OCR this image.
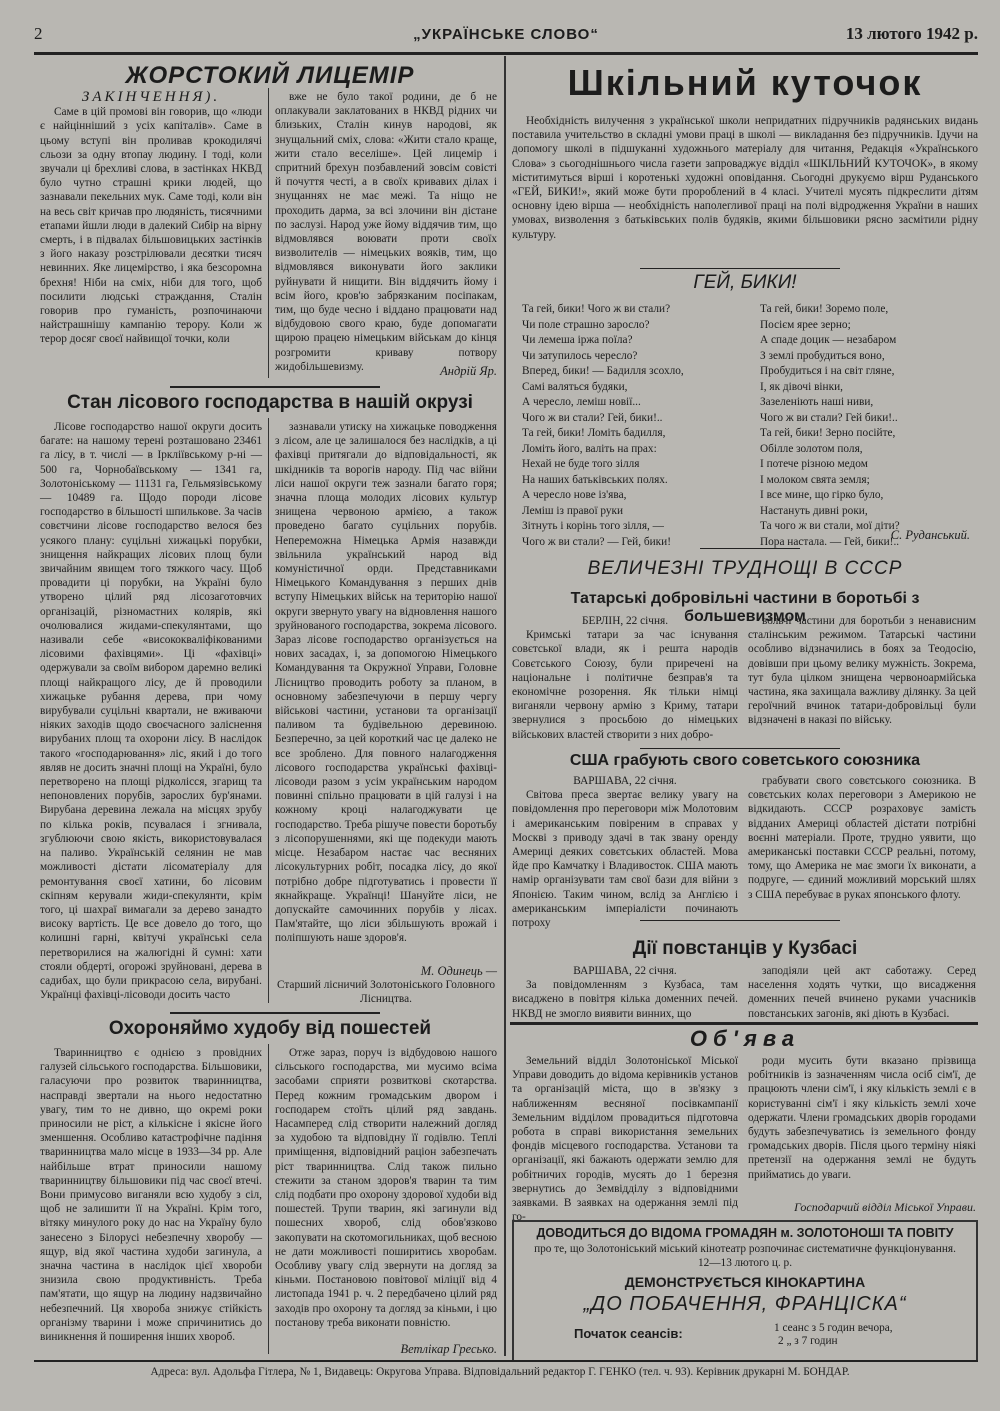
2	„УКРАЇНСЬКЕ СЛОВО“	13 лютого 1942 р.
ЖОРСТОКИЙ ЛИЦЕМІР
ЗАКІНЧЕННЯ).

Саме в цій промові він говорив, що «люди є найцінніший з усіх капіталів». Саме в цьому вступі він проливав крокодилячі сльози за одну втопау людину. І тоді, коли звучали ці брехливі слова, в застінках НКВД було чутно страшні крики людей, що зазнавали пекельних мук. Саме тоді, коли він на весь світ кричав про людяність, тисячними етапами йшли люди в далекий Сибір на вірну смерть, і в підвалах більшовицьких застінків з його наказу розстрілювали десятки тисяч невинних. Яке лицемірство, і яка безсоромна брехня! Ніби на сміх, ніби для того, щоб посилити людські страждання, Сталін говорив про гуманість, розпочинаючи найстрашнішу кампанію терору. Коли ж терор досяг своєї найвищої точки, коли

вже не було такої родини, де б не оплакували заклатованих в НКВД рідних чи близьких, Сталін кинув народові, як знущальний сміх, слова: «Жити стало краще, жити стало веселіше». Цей лицемір і спритний брехун позбавлений зовсім совісті й почуття честі, а в своїх кривавих ділах і знущаннях не має межі. Та ніщо не проходить дарма, за всі злочини він дістане по заслузі. Народ уже йому віддячив тим, що відмовлявся воювати проти своїх визволителів — німецьких вояків, тим, що відмовлявся виконувати його заклики руйнувати й нищити. Він віддячить йому і всім його, кров'ю забрязканим посіпакам, тим, що буде чесно і віддано працювати над відбудовою свого краю, буде допомагати щирою працею німецьким військам до кінця розгромити криваву потвору жидобільшевизму.	Андрій Яр.
Стан лісового господарства в нашій окрузі

Лісове господарство нашої округи досить багате: на нашому терені розташовано 23461 га лісу, в т. числі — в Іркліївському р-ні — 500 га, Чорнобаївському — 1341 га, Золотоніському — 11131 га, Гельмязівському — 10489 га. Щодо породи лісове господарство в більшості шпилькове. За часів совєтчини лісове господарство велося без усякого плану: суцільні хижацькі порубки, знищення найкращих лісових площ були звичайним явищем того тяжкого часу. Щоб провадити ці порубки, на Україні було утворено цілий ряд лісозаготовчих організацій, різномастних колярів, які очолювалися жидами-спекулянтами, що називали себе «висококваліфікованими лісовими фахівцями». Ці «фахівці» одержували за своїм вибором даремно великі площі найкращого лісу, де й проводили хижацьке рубання дерева, при чому вирубували суцільні квартали, не вживаючи ніяких заходів щодо своєчасного заліснення вирубаних площ та охорони лісу. В наслідок такого «господарювання» ліс, який і до того являв не досить значні площі на Україні, було перетворено на площі рідколісся, згарищ та непоновлених порубів, зарослих бур'янами. Вирубана деревина лежала на місцях зрубу по кілька років, псувалася і згнивала, згублюючи свою якість, використовувалася на паливо. Українській селянин не мав можливості дістати лісоматеріалу для ремонтування своєї хатини, бо лісовим скіпням керували жиди-спекулянти, крім того, ці шахраї вимагали за дерево занадто високу вартість. Це все довело до того, що колишні гарні, квітучі українські села перетворилися на жалюгідні й сумні: хати стояли обдерті, огорожі зруйновані, дерева в садибах, що були прикрасою села, вирубані. Українці фахівці-лісоводи досить часто

зазнавали утиску на хижацьке поводження з лісом, але це залишалося без наслідків, а ці фахівці притягали до відповідальності, як шкідників та ворогів народу. Під час війни ліси нашої округи теж зазнали багато горя; значна площа молодих лісових культур знищена червоною армією, а також проведено багато суцільних порубів. Непереможна Німецька Армія назавжди звільнила український народ від комуністичної орди. Представниками Німецького Командування з перших днів вступу Німецьких військ на територію нашої округи звернуто увагу на відновлення нашого зруйнованого господарства, зокрема лісового. Зараз лісове господарство організується на нових засадах, і, за допомогою Німецького Командування та Окружної Управи, Головне Лісництво проводить роботу за планом, в основному забезпечуючи в першу чергу військові частини, установи та організації паливом та будівельною деревиною. Безперечно, за цей короткий час це далеко не все зроблено. Для повного налагодження лісового господарства українські фахівці-лісоводи разом з усім українським народом повинні спільно працювати в цій галузі і на кожному кроці налагоджувати це господарство. Треба рішуче повести боротьбу з лісопорушеннями, які ще подекуди мають місце. Незабаром настає час весняних лісокультурних робіт, посадка лісу, до якої потрібно добре підготуватись і провести її якнайкраще. Українці! Шануйте ліси, не допускайте самочинних порубів у лісах. Пам'ятайте, що ліси збільшують врожай і поліпшують наше здоров'я.

М. Одинець —
Старший лісничий Золотоніського Головного Лісництва.
Охороняймо худобу від пошестей

Тваринництво є однією з провідних галузей сільського господарства. Більшовики, галасуючи про розвиток тваринництва, насправді звертали на нього недостатню увагу, тим то не дивно, що окремі роки приносили не ріст, а кількісне і якісне його зменшення. Особливо катастрофічне падіння тваринництва мало місце в 1933—34 рр. Але найбільше втрат приносили нашому тваринництву більшовики під час своєї втечі. Вони примусово виганяли всю худобу з сіл, щоб не залишити її на Україні. Крім того, вітяку минулого року до нас на Україну було занесено з Білорусі небезпечну хворобу — ящур, від якої частина худоби загинула, а значна частина в наслідок цієї хвороби знизила свою продуктивність. Треба пам'ятати, що ящур на людину надзвичайно небезпечний. Ця хвороба знижує стійкість організму тварини і може спричинитись до виникнення й поширення інших хвороб.

Отже зараз, поруч із відбудовою нашого сільського господарства, ми мусимо всіма засобами сприяти розвиткові скотарства. Перед кожним громадським двором і господарем стоїть цілий ряд завдань. Насамперед слід створити належний догляд за худобою та відповідну її годівлю. Теплі приміщення, відповідний раціон забезпечать ріст тваринництва. Слід також пильно стежити за станом здоров'я тварин та тим слід подбати про охорону здорової худоби від пошестей. Трупи тварин, які загинули від пошесних хвороб, слід обов'язково закопувати на скотомогильниках, щоб весною не дати можливості поширитись хворобам. Особливу увагу слід звернути на догляд за кіньми. Постановою повітової міліції від 4 листопада 1941 р. ч. 2 передбачено цілий ряд заходів про охорону та догляд за кіньми, і цю постанову треба виконати повністю.

Ветлікар Гресько.
Шкільний куточок

Необхідність вилучення з української школи непридатних підручників радянських видань поставила учительство в складні умови праці в школі — викладання без підручників. Ідучи на допомогу школі в підшуканні художнього матеріалу для читання, Редакція «Українського Слова» з сьогоднішнього числа газети запроваджує відділ «ШКІЛЬНИЙ КУТОЧОК», в якому міститимуться вірші і коротенькі художні оповідання. Сьогодні друкуємо вірш Руданського «ГЕЙ, БИКИ!», який може бути пророблений в 4 класі. Учителі мусять підкреслити дітям основну ідею вірша — необхідність наполегливої праці на полі відродження України в наших умовах, визволення з батьківських полів будяків, якими більшовики рясно засмітили рідну культуру.

ГЕЙ, БИКИ!
Та гей, бики! Чого ж ви стали?
Чи поле страшно заросло?
Чи лемеша іржа поїла?
Чи затупилось чересло?
Вперед, бики! — Бадилля зсохло,
Самі валяться будяки,
А чересло, леміш новії...
Чого ж ви стали? Гей, бики!..
Та гей, бики! Ломіть бадилля,
Ломіть його, валіть на прах:
Нехай не буде того зілля
На наших батьківських полях.
А чересло нове із'ява,
Леміш із правої руки
Зітнуть і корінь того зілля, —
Чого ж ви стали? — Гей, бики!
Та гей, бики! Зоремо поле,
Посієм ярее зерно;
А спаде доцик — незабаром
З землі пробудиться воно,
Пробудиться і на світ гляне,
І, як дівочі вінки,
Зазеленіють наші ниви,
Чого ж ви стали? Гей бики!..
Та гей, бики! Зерно посійте,
Обілле золотом поля,
І потече різною медом
І молоком свята земля;
І все мине, що гірко було,
Настануть дивні роки,
Та чого ж ви стали, мої діти?
Пора настала. — Гей, бики!..
С. Руданський.
ВЕЛИЧЕЗНІ ТРУДНОЩІ В СССР
Татарські добровільні частини в боротьбі з большевизмом
БЕРЛІН, 22 січня.

Кримські татари за час існування совєтської влади, як і решта народів Совєтського Союзу, були приречені на національне і політичне безправ'я та економічне розорення. Як тільки німці виганяли червону армію з Криму, татари звернулися з просьбою до німецьких військових властей створити з них добро-

вольчі частини для боротьби з ненависним сталінським режимом. Татарські частини особливо відзначились в боях за Теодосію, довівши при цьому велику мужність. Зокрема, тут була цілком знищена червоноармійська частина, яка захищала важливу ділянку. За цей героїчний вчинок татари-добровільці були відзначені в наказі по війську.

США грабують свого советського союзника
ВАРШАВА, 22 січня.

Світова преса звертає велику увагу на повідомлення про переговори між Молотовим і американським повіреним в справах у Москві з приводу здачі в так звану оренду Америці деяких совєтських областей. Мова йде про Камчатку і Владивосток. США мають намір організувати там свої бази для війни з Японією. Таким чином, вслід за Англією і американським імперіалісти починають потроху

грабувати свого совєтського союзника. В совєтських колах переговори з Америкою не відкидають. СССР розраховує замість відданих Америці областей дістати потрібні воєнні матеріали. Проте, трудно уявити, що американські поставки СССР реальні, потому, тому, що Америка не має змоги їх виконати, а подруге, — єдиний можливий морський шлях з США перебуває в руках японського флоту.

Дії повстанців у Кузбасі
ВАРШАВА, 22 січня.

За повідомленням з Кузбаса, там висаджено в повітря кілька доменних печей. НКВД не змогло виявити винних, що

заподіяли цей акт саботажу. Серед населення ходять чутки, що висадження доменних печей вчинено руками учасників повстанських загонів, які діють в Кузбасі.

Об'ява

Земельний відділ Золотоніської Міської Управи доводить до відома керівників установ та організацій міста, що в зв'язку з наближенням весняної посівкампанії Земельним відділом провадиться підготовча робота в справі використання земельних фондів місцевого господарства. Установи та організації, які бажають одержати землю для робітничих городів, мусять до 1 березня звернутись до Земвідділу з відповідними заявками. В заявках на одержання землі під го-

роди мусить бути вказано прізвища робітників із зазначенням числа осіб сім'ї, де працюють члени сім'ї, і яку кількість землі є в користуванні сім'ї і яку кількість землі хоче одержати. Члени громадських дворів городами будуть забезпечуватись із земельного фонду громадських дворів. Після цього терміну ніякі претензії на одержання землі не будуть прийматись до уваги.

Господарчий відділ Міської Управи.
ДОВОДИТЬСЯ ДО ВІДОМА ГРОМАДЯН м. ЗОЛОТОНОШІ ТА ПОВІТУ
про те, що Золотоніський міський кінотеатр розпочинає систематичне функціонування. 12—13 лютого ц. р.
ДЕМОНСТРУЄТЬСЯ КІНОКАРТИНА
„ДО ПОБАЧЕННЯ, ФРАНЦІСКА“
Початок сеансів:	1 сеанс з 5 годин вечора,
2 „ з 7 годин
Адреса: вул. Адольфа Гітлера, № 1, Видавець: Округова Управа. Відповідальний редактор Г. ГЕНКО (тел. ч. 93). Керівник друкарні М. БОНДАР.
